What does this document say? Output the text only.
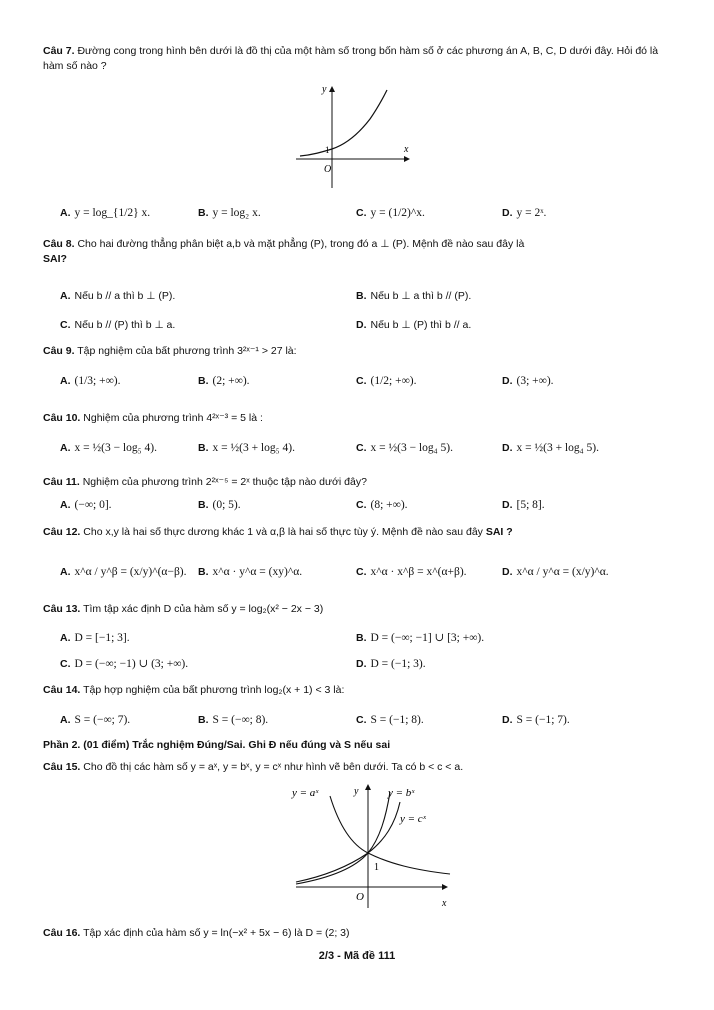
Câu 7. Đường cong trong hình bên dưới là đồ thị của một hàm số trong bốn hàm số ở các phương án A, B, C, D dưới đây. Hỏi đó là hàm số nào ?
y
x
O
1
A. y = log_{1/2} x.	B. y = log₂ x.	C. y = (1/2)^x.	D. y = 2ˣ.
Câu 8. Cho hai đường thẳng phân biệt a,b và mặt phẳng (P), trong đó a ⊥ (P). Mệnh đề nào sau đây là
SAI?
A. Nếu b // a thì b ⊥ (P).	B. Nếu b ⊥ a thì b // (P).
C. Nếu b // (P) thì b ⊥ a.	D. Nếu b ⊥ (P) thì b // a.
Câu 9. Tập nghiệm của bất phương trình 3²ˣ⁻¹ > 27 là:
A. (1/3; +∞).	B. (2; +∞).	C. (1/2; +∞).	D. (3; +∞).
Câu 10. Nghiệm của phương trình 4²ˣ⁻³ = 5 là :
A. x = ½(3 − log₅ 4).	B. x = ½(3 + log₅ 4).	C. x = ½(3 − log₄ 5).	D. x = ½(3 + log₄ 5).
Câu 11. Nghiệm của phương trình 2²ˣ⁻⁵ = 2ˣ thuộc tập nào dưới đây?
A. (−∞; 0].	B. (0; 5).	C. (8; +∞).	D. [5; 8].
Câu 12. Cho x,y là hai số thực dương khác 1 và α,β là hai số thực tùy ý. Mệnh đề nào sau đây SAI ?
A. x^α / y^β = (x/y)^(α−β). B. x^α · y^α = (xy)^α.	C. x^α · x^β = x^(α+β).	D. x^α / y^α = (x/y)^α.
Câu 13. Tìm tập xác định D của hàm số y = log₂(x² − 2x − 3)
A. D = [−1; 3].	B. D = (−∞; −1] ∪ [3; +∞).
C. D = (−∞; −1) ∪ (3; +∞).	D. D = (−1; 3).
Câu 14. Tập hợp nghiệm của bất phương trình log₂(x + 1) < 3 là:
A. S = (−∞; 7).	B. S = (−∞; 8).	C. S = (−1; 8).	D. S = (−1; 7).
Phần 2. (01 điểm) Trắc nghiệm Đúng/Sai. Ghi Đ nếu đúng và S nếu sai
Câu 15. Cho đồ thị các hàm số y = aˣ, y = bˣ, y = cˣ như hình vẽ bên dưới. Ta có b < c < a.
y = aˣ	y = bˣ
y = cˣ
y
x
O
1
Câu 16. Tập xác định của hàm số y = ln(−x² + 5x − 6) là D = (2; 3)
2/3 - Mã đề 111
